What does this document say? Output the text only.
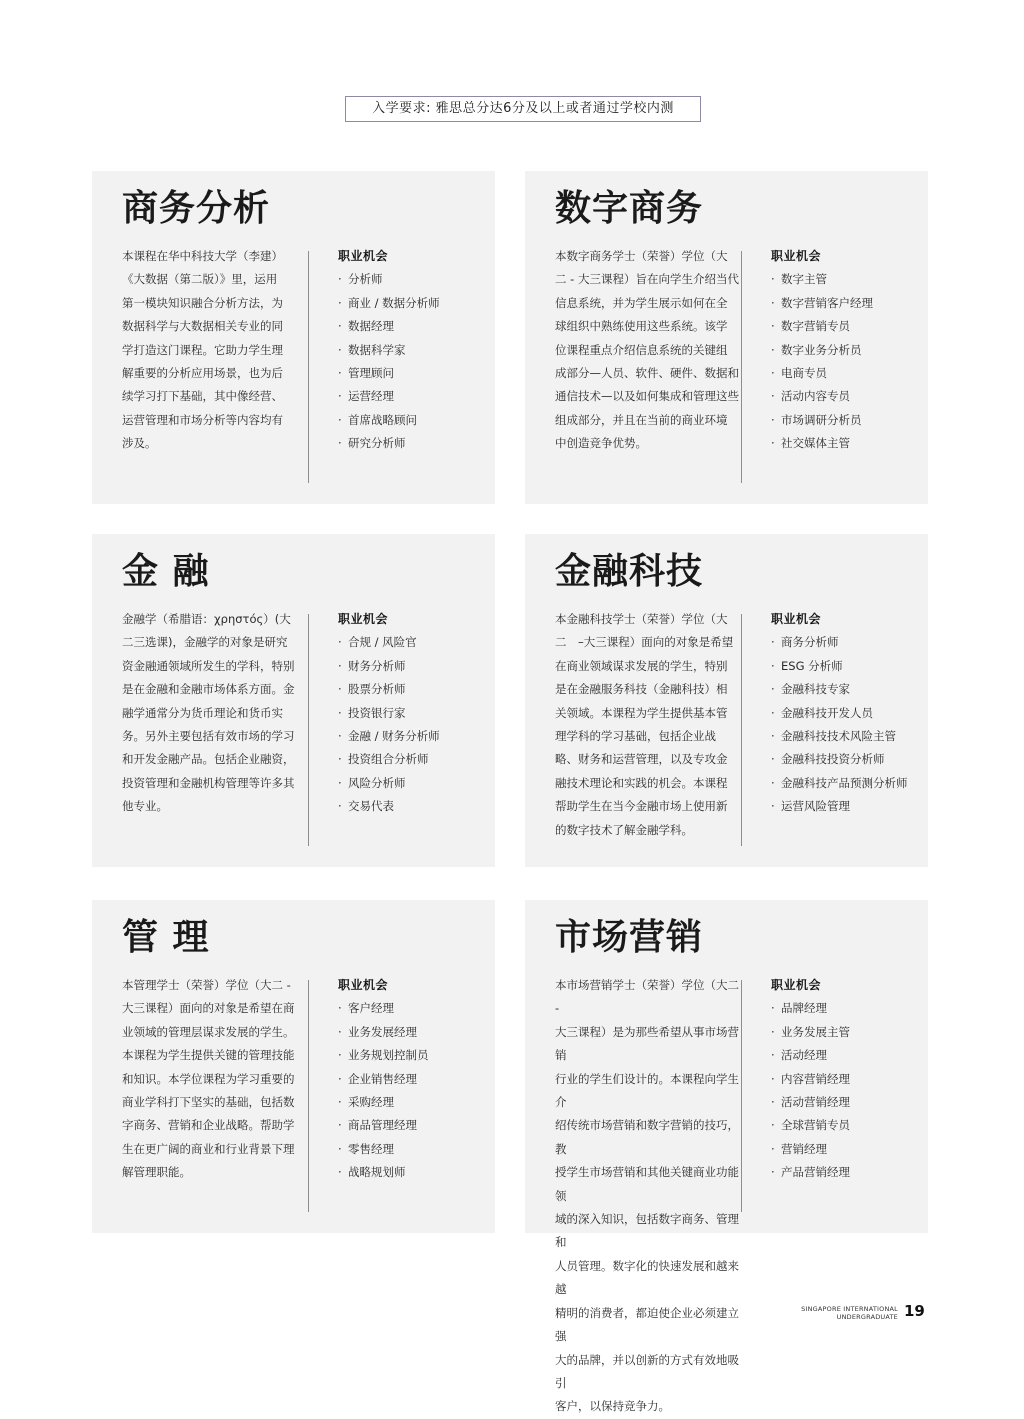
入学要求: 雅思总分达6分及以上或者通过学校内测
商务分析
本课程在华中科技大学（李建）
《大数据（第二版）》里，运用
第一模块知识融合分析方法，为
数据科学与大数据相关专业的同
学打造这门课程。它助力学生理
解重要的分析应用场景，也为后
续学习打下基础，其中像经营、
运营管理和市场分析等内容均有
涉及。
职业机会
· 分析师
· 商业 / 数据分析师
· 数据经理
· 数据科学家
· 管理顾问
· 运营经理
· 首席战略顾问
· 研究分析师
数字商务
本数字商务学士（荣誉）学位（大
二 - 大三课程）旨在向学生介绍当代
信息系统，并为学生展示如何在全
球组织中熟练使用这些系统。该学
位课程重点介绍信息系统的关键组
成部分—人员、软件、硬件、数据和
通信技术—以及如何集成和管理这些
组成部分，并且在当前的商业环境
中创造竞争优势。
职业机会
· 数字主管
· 数字营销客户经理
· 数字营销专员
· 数字业务分析员
· 电商专员
· 活动内容专员
· 市场调研分析员
· 社交媒体主管
金 融
金融学（希腊语：χρηστός）(大
二三选课)，金融学的对象是研究
资金融通领域所发生的学科，特别
是在金融和金融市场体系方面。金
融学通常分为货币理论和货币实
务。另外主要包括有效市场的学习
和开发金融产品。包括企业融资，
投资管理和金融机构管理等许多其
他专业。
职业机会
· 合规 / 风险官
· 财务分析师
· 股票分析师
· 投资银行家
· 金融 / 财务分析师
· 投资组合分析师
· 风险分析师
· 交易代表
金融科技
本金融科技学士（荣誉）学位（大
二　–大三课程）面向的对象是希望
在商业领域谋求发展的学生，特别
是在金融服务科技（金融科技）相
关领域。本课程为学生提供基本管
理学科的学习基础，包括企业战
略、财务和运营管理，以及专攻金
融技术理论和实践的机会。本课程
帮助学生在当今金融市场上使用新
的数字技术了解金融学科。
职业机会
· 商务分析师
· ESG 分析师
· 金融科技专家
· 金融科技开发人员
· 金融科技技术风险主管
· 金融科技投资分析师
· 金融科技产品预测分析师
· 运营风险管理
管 理
本管理学士（荣誉）学位（大二 -
大三课程）面向的对象是希望在商
业领域的管理层谋求发展的学生。
本课程为学生提供关键的管理技能
和知识。本学位课程为学习重要的
商业学科打下坚实的基础，包括数
字商务、营销和企业战略。帮助学
生在更广阔的商业和行业背景下理
解管理职能。
职业机会
· 客户经理
· 业务发展经理
· 业务规划控制员
· 企业销售经理
· 采购经理
· 商品管理经理
· 零售经理
· 战略规划师
市场营销
本市场营销学士（荣誉）学位（大二 -
大三课程）是为那些希望从事市场营销
行业的学生们设计的。本课程向学生介
绍传统市场营销和数字营销的技巧，教
授学生市场营销和其他关键商业功能领
域的深入知识，包括数字商务、管理和
人员管理。数字化的快速发展和越来越
精明的消费者，都迫使企业必须建立强
大的品牌，并以创新的方式有效地吸引
客户，以保持竞争力。
职业机会
· 品牌经理
· 业务发展主管
· 活动经理
· 内容营销经理
· 活动营销经理
· 全球营销专员
· 营销经理
· 产品营销经理
SINGAPORE INTERNATIONAL
UNDERGRADUATE 19
